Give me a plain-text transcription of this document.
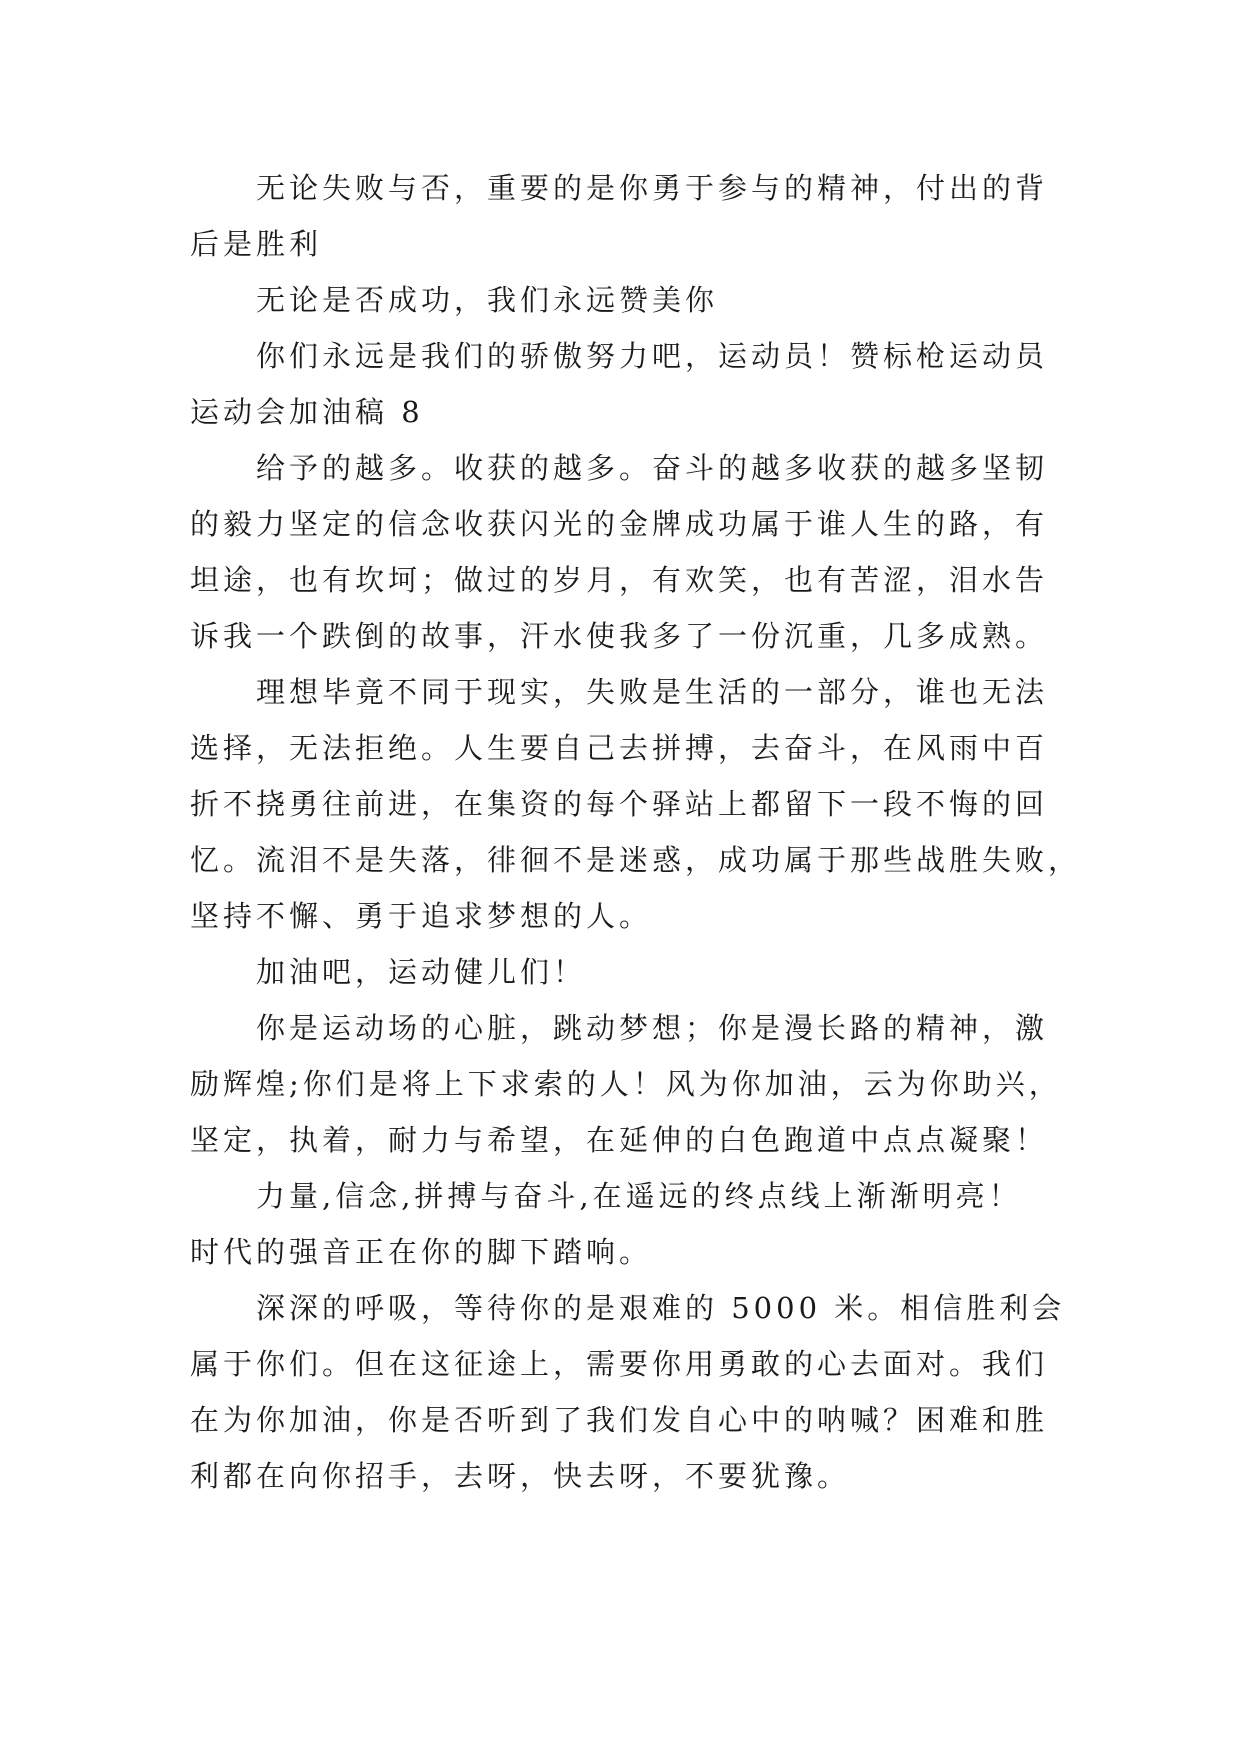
无论失败与否，重要的是你勇于参与的精神，付出的背
后是胜利
无论是否成功，我们永远赞美你
你们永远是我们的骄傲努力吧，运动员！赞标枪运动员
运动会加油稿 8
给予的越多。收获的越多。奋斗的越多收获的越多坚韧
的毅力坚定的信念收获闪光的金牌成功属于谁人生的路，有
坦途，也有坎坷；做过的岁月，有欢笑，也有苦涩，泪水告
诉我一个跌倒的故事，汗水使我多了一份沉重，几多成熟。
理想毕竟不同于现实，失败是生活的一部分，谁也无法
选择，无法拒绝。人生要自己去拼搏，去奋斗，在风雨中百
折不挠勇往前进，在集资的每个驿站上都留下一段不悔的回
忆。流泪不是失落，徘徊不是迷惑，成功属于那些战胜失败，
坚持不懈、勇于追求梦想的人。
加油吧，运动健儿们！
你是运动场的心脏，跳动梦想；你是漫长路的精神，激
励辉煌;你们是将上下求索的人！风为你加油，云为你助兴，
坚定，执着，耐力与希望，在延伸的白色跑道中点点凝聚！
力量,信念,拼搏与奋斗,在遥远的终点线上渐渐明亮！
时代的强音正在你的脚下踏响。
深深的呼吸，等待你的是艰难的 5000 米。相信胜利会
属于你们。但在这征途上，需要你用勇敢的心去面对。我们
在为你加油，你是否听到了我们发自心中的呐喊？困难和胜
利都在向你招手，去呀，快去呀，不要犹豫。
